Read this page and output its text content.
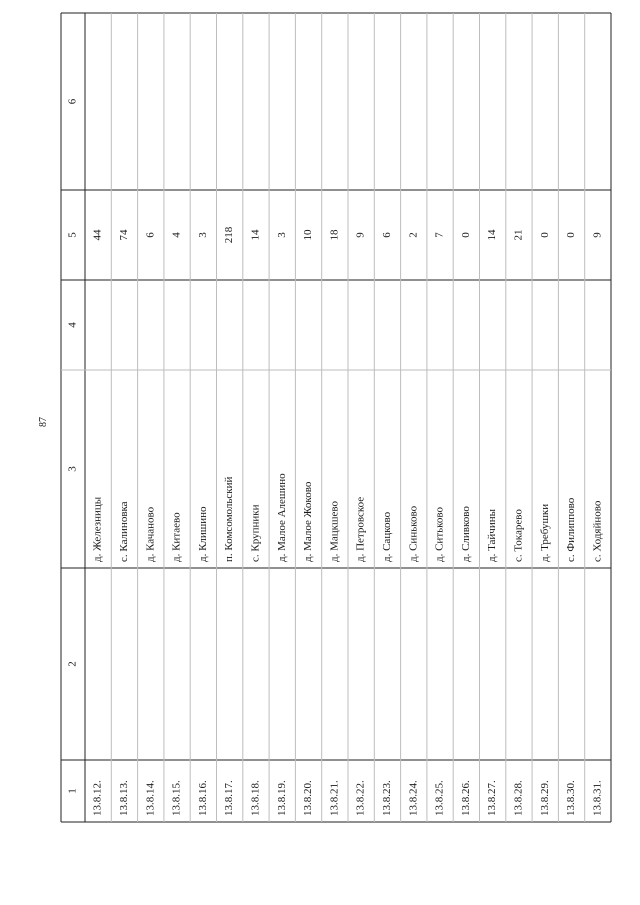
87
1
2
3
4
5
6
13.8.12.
д. Железницы
44
13.8.13.
с. Калиновка
74
13.8.14.
д. Качаново
6
13.8.15.
д. Китаево
4
13.8.16.
д. Клишино
3
13.8.17.
п. Комсомольский
218
13.8.18.
с. Крупники
14
13.8.19.
д. Малое Алешино
3
13.8.20.
д. Малое Жоково
10
13.8.21.
д. Мацкшево
18
13.8.22.
д. Петровское
9
13.8.23.
д. Сацково
6
13.8.24.
д. Синьково
2
13.8.25.
д. Ситьково
7
13.8.26.
д. Сливково
0
13.8.27.
д. Тайчины
14
13.8.28.
с. Токарево
21
13.8.29.
д. Требушки
0
13.8.30.
с. Филиппово
0
13.8.31.
с. Ходяйново
9
